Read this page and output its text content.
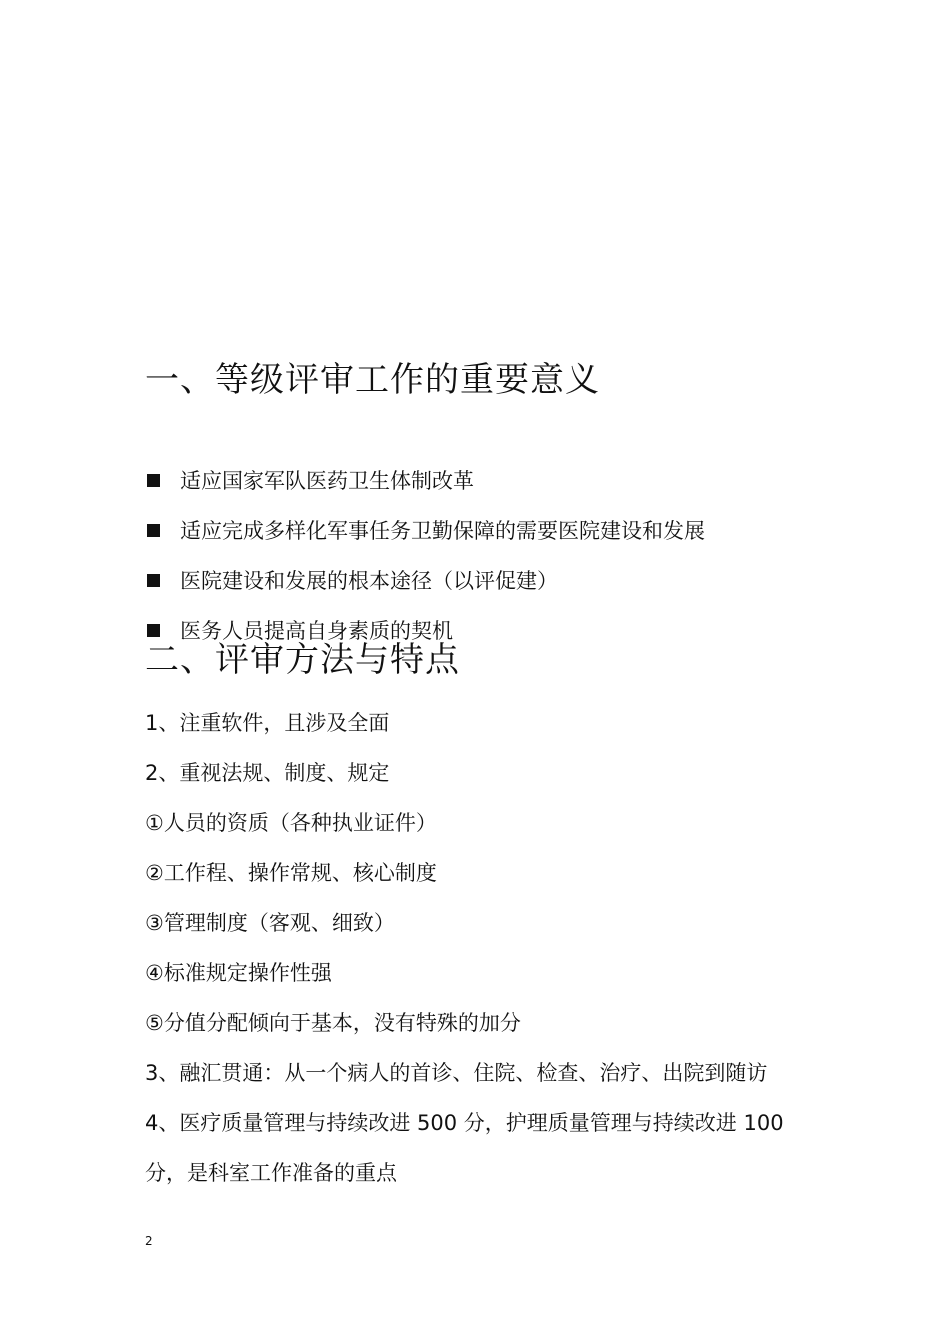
一、等级评审工作的重要意义
适应国家军队医药卫生体制改革
适应完成多样化军事任务卫勤保障的需要医院建设和发展
医院建设和发展的根本途径（以评促建）
医务人员提高自身素质的契机
二、评审方法与特点
1、注重软件，且涉及全面
2、重视法规、制度、规定
①人员的资质（各种执业证件）
②工作程、操作常规、核心制度
③管理制度（客观、细致）
④标准规定操作性强
⑤分值分配倾向于基本，没有特殊的加分
3、融汇贯通：从一个病人的首诊、住院、检查、治疗、出院到随访
4、医疗质量管理与持续改进 500 分，护理质量管理与持续改进 100
分，是科室工作准备的重点
2
